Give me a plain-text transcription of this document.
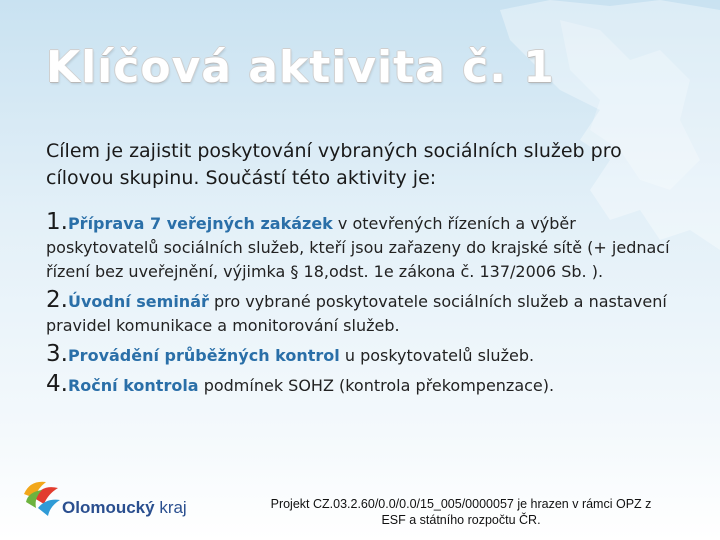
Klíčová aktivita č. 1

Cílem je zajistit poskytování vybraných sociálních služeb pro cílovou skupinu. Součástí této aktivity je:

1.Příprava 7 veřejných zakázek v otevřených řízeních a výběr poskytovatelů sociálních služeb, kteří jsou zařazeny do krajské sítě (+ jednací řízení bez uveřejnění, výjimka § 18,odst. 1e zákona č. 137/2006 Sb. ).

2.Úvodní seminář pro vybrané poskytovatele sociálních služeb a nastavení pravidel komunikace a monitorování služeb.

3.Provádění průběžných kontrol u poskytovatelů služeb.

4.Roční kontrola podmínek SOHZ (kontrola překompenzace).

Olomoucký kraj	Projekt CZ.03.2.60/0.0/0.0/15_005/0000057 je hrazen v rámci OPZ z ESF a státního rozpočtu ČR.
